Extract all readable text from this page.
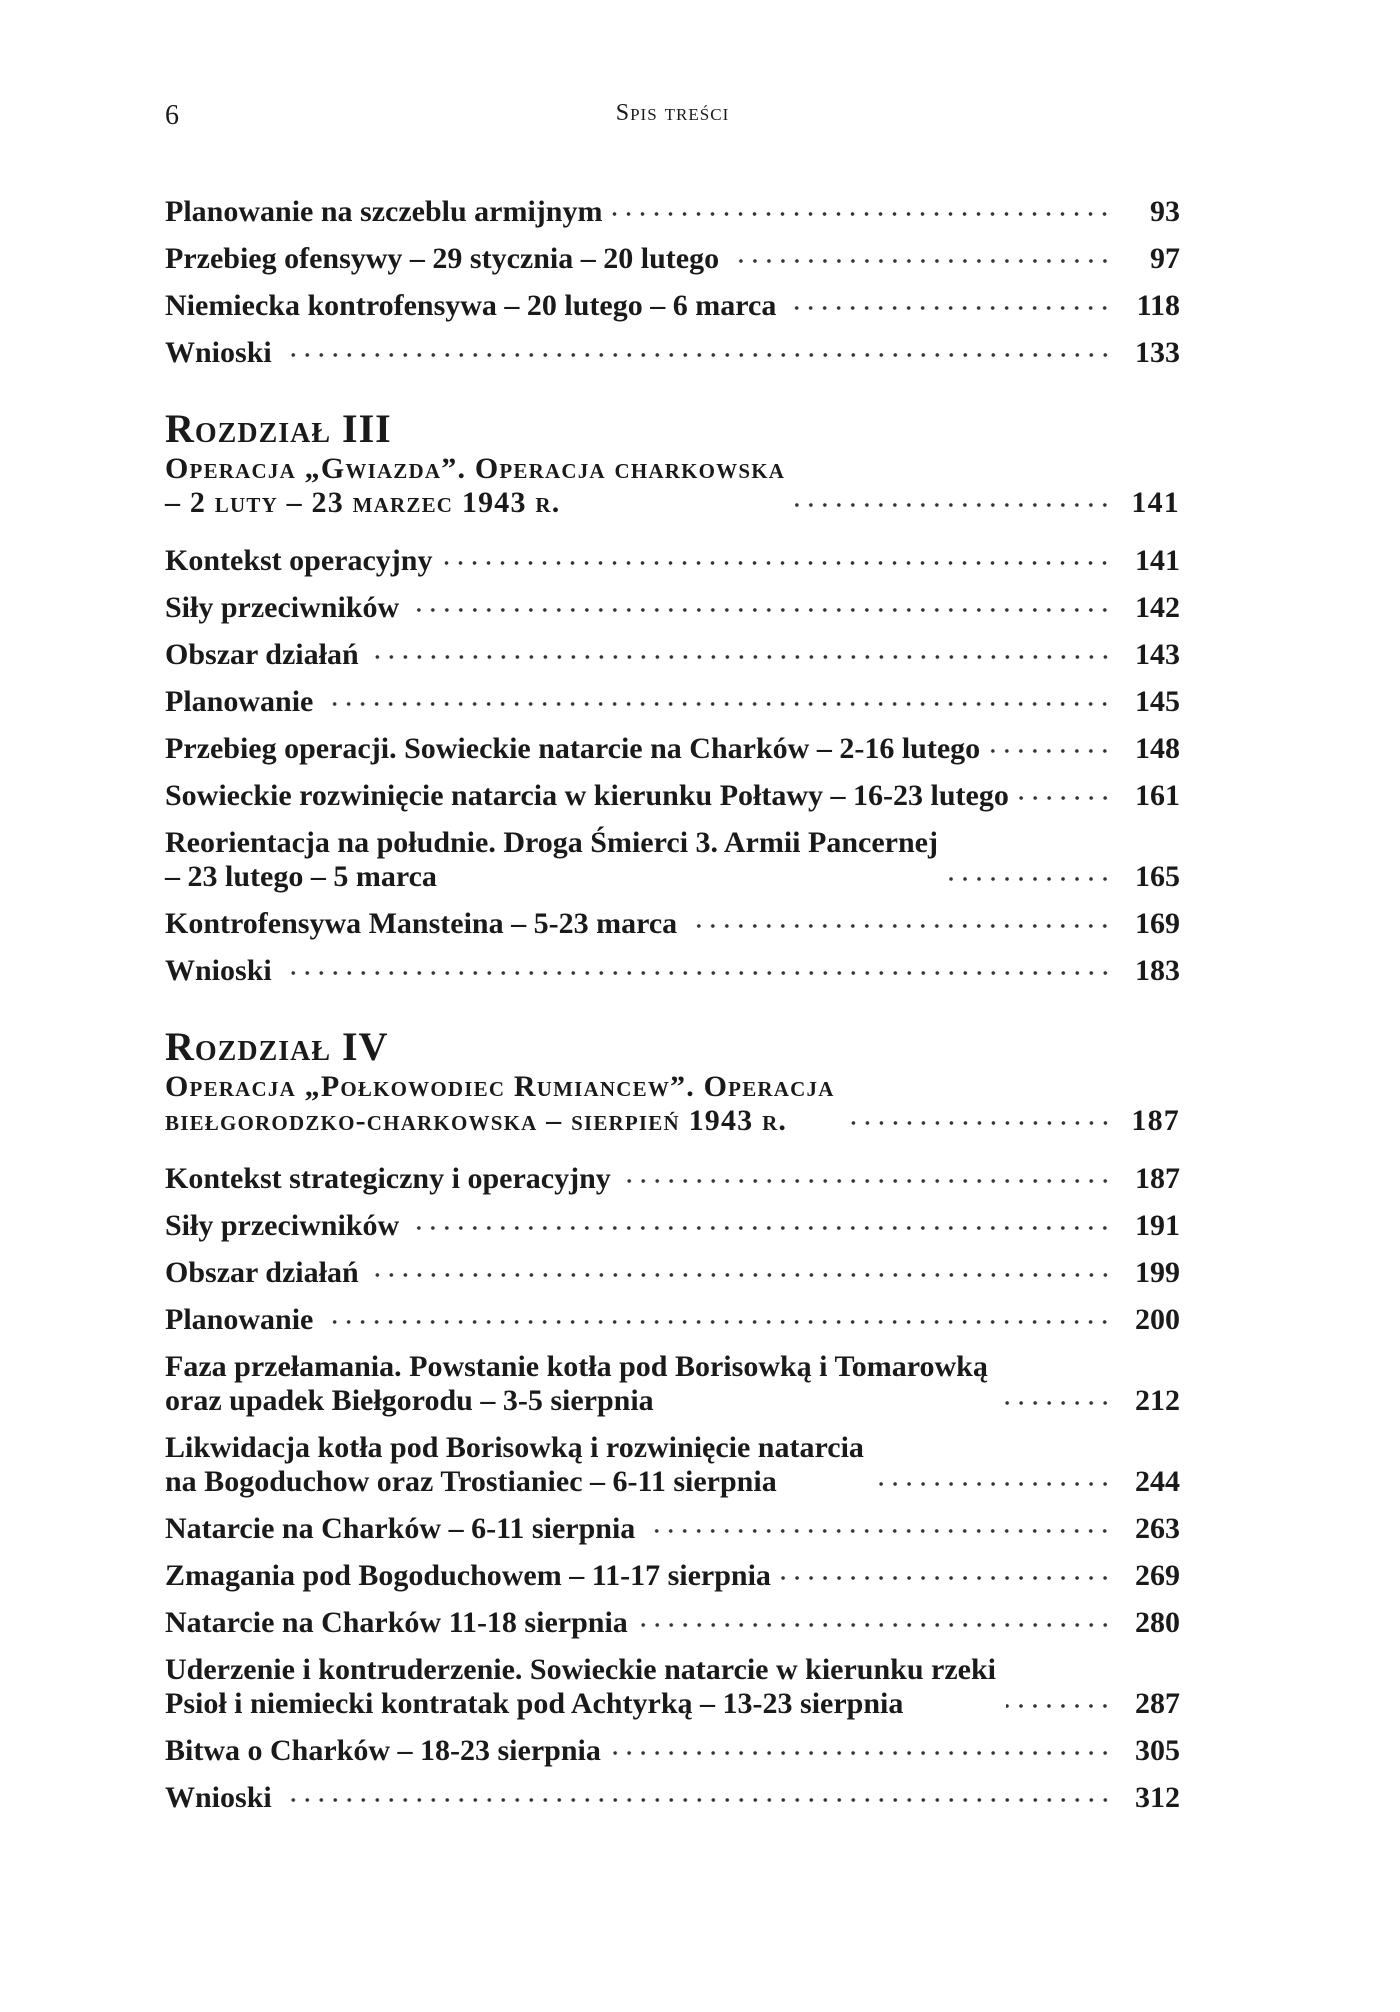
6	Spis treści
Planowanie na szczeblu armijnym	93
Przebieg ofensywy – 29 stycznia – 20 lutego	97
Niemiecka kontrofensywa – 20 lutego – 6 marca	118
Wnioski	133
Rozdział III
Operacja „Gwiazda”. Operacja charkowska
– 2 luty – 23 marzec 1943 r.	141
Kontekst operacyjny	141
Siły przeciwników	142
Obszar działań	143
Planowanie	145
Przebieg operacji. Sowieckie natarcie na Charków – 2-16 lutego	148
Sowieckie rozwinięcie natarcia w kierunku Połtawy – 16-23 lutego	161
Reorientacja na południe. Droga Śmierci 3. Armii Pancernej
– 23 lutego – 5 marca	165
Kontrofensywa Mansteina – 5-23 marca	169
Wnioski	183
Rozdział IV
Operacja „Połkowodiec Rumiancew”. Operacja
biełgorodzko-charkowska – sierpień 1943 r.	187
Kontekst strategiczny i operacyjny	187
Siły przeciwników	191
Obszar działań	199
Planowanie	200
Faza przełamania. Powstanie kotła pod Borisowką i Tomarowką
oraz upadek Biełgorodu – 3-5 sierpnia	212
Likwidacja kotła pod Borisowką i rozwinięcie natarcia
na Bogoduchow oraz Trostianiec – 6-11 sierpnia	244
Natarcie na Charków – 6-11 sierpnia	263
Zmagania pod Bogoduchowem – 11-17 sierpnia	269
Natarcie na Charków 11-18 sierpnia	280
Uderzenie i kontruderzenie. Sowieckie natarcie w kierunku rzeki
Psioł i niemiecki kontratak pod Achtyrką – 13-23 sierpnia	287
Bitwa o Charków – 18-23 sierpnia	305
Wnioski	312
